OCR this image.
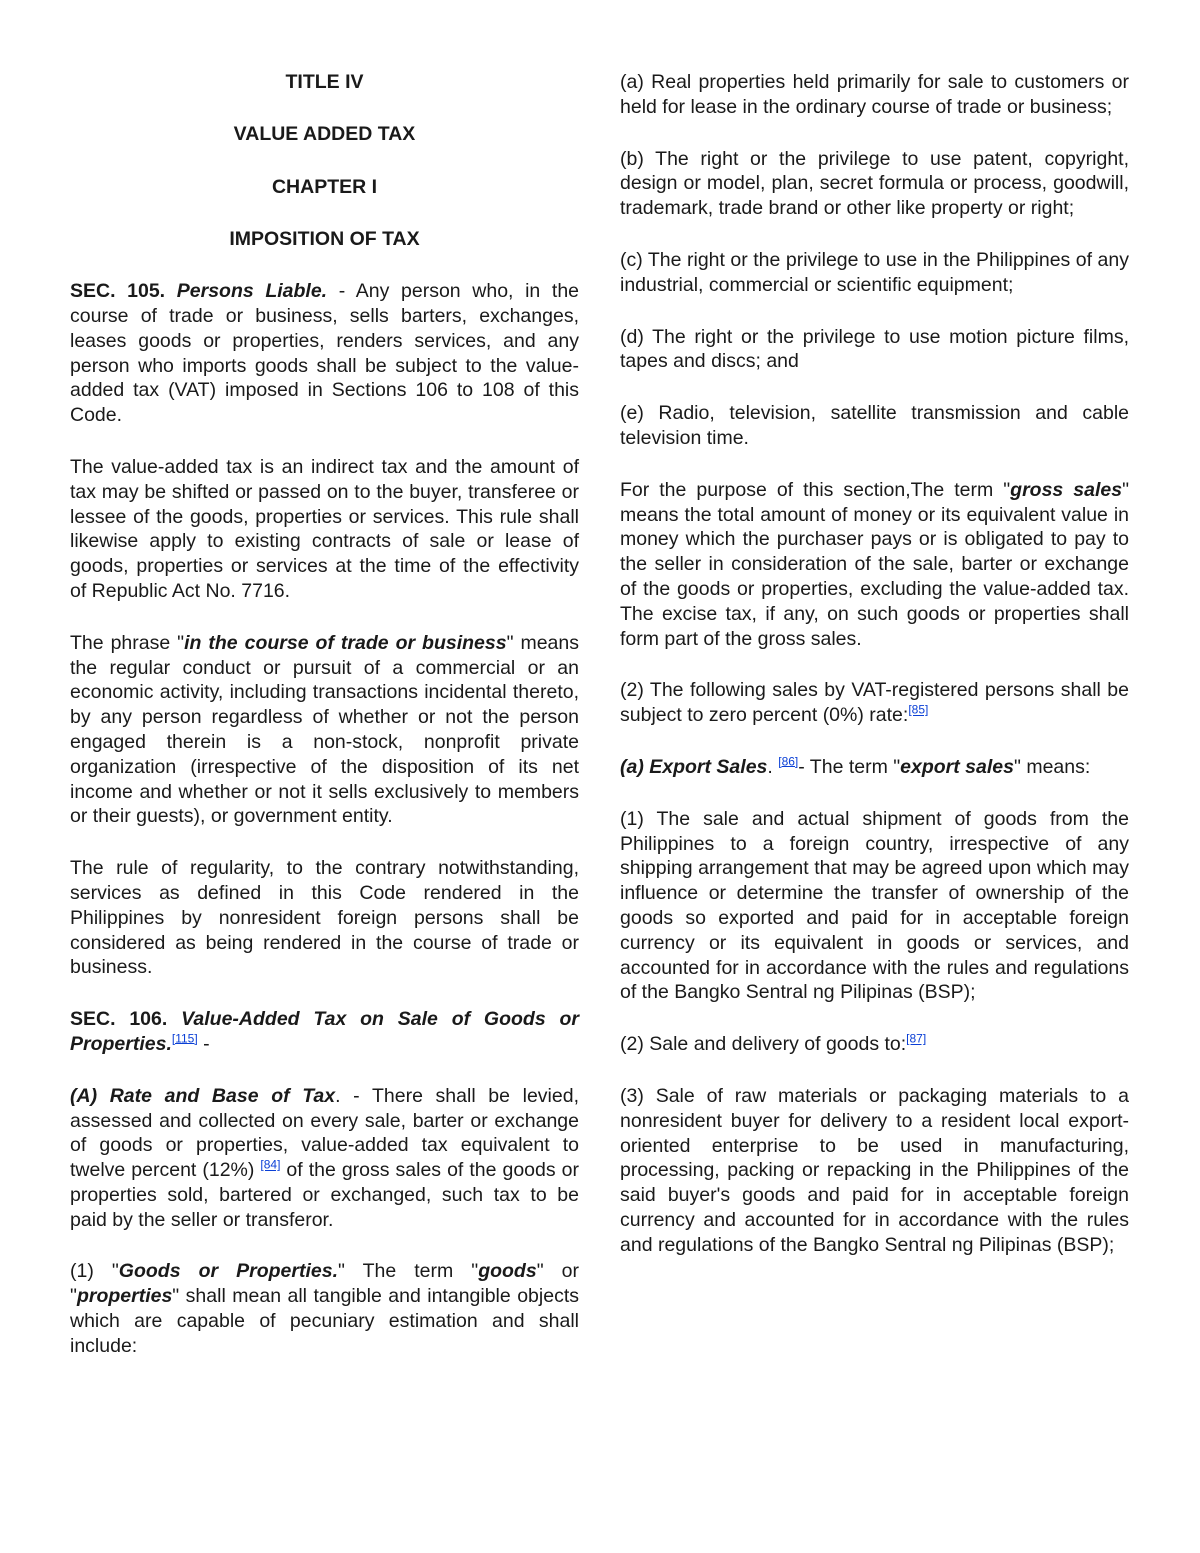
TITLE IV
VALUE ADDED TAX
CHAPTER I
IMPOSITION OF TAX

SEC. 105. Persons Liable. - Any person who, in the course of trade or business, sells barters, exchanges, leases goods or properties, renders services, and any person who imports goods shall be subject to the value-added tax (VAT) imposed in Sections 106 to 108 of this Code.

The value-added tax is an indirect tax and the amount of tax may be shifted or passed on to the buyer, transferee or lessee of the goods, properties or services. This rule shall likewise apply to existing contracts of sale or lease of goods, properties or services at the time of the effectivity of Republic Act No. 7716.

The phrase "in the course of trade or business" means the regular conduct or pursuit of a commercial or an economic activity, including transactions incidental thereto, by any person regardless of whether or not the person engaged therein is a non-stock, nonprofit private organization (irrespective of the disposition of its net income and whether or not it sells exclusively to members or their guests), or government entity.

The rule of regularity, to the contrary notwithstanding, services as defined in this Code rendered in the Philippines by nonresident foreign persons shall be considered as being rendered in the course of trade or business.

SEC. 106. Value-Added Tax on Sale of Goods or Properties.[115] -

(A) Rate and Base of Tax. - There shall be levied, assessed and collected on every sale, barter or exchange of goods or properties, value-added tax equivalent to twelve percent (12%) [84] of the gross sales of the goods or properties sold, bartered or exchanged, such tax to be paid by the seller or transferor.

(1) "Goods or Properties." The term "goods" or "properties" shall mean all tangible and intangible objects which are capable of pecuniary estimation and shall include:

(a) Real properties held primarily for sale to customers or held for lease in the ordinary course of trade or business;

(b) The right or the privilege to use patent, copyright, design or model, plan, secret formula or process, goodwill, trademark, trade brand or other like property or right;

(c) The right or the privilege to use in the Philippines of any industrial, commercial or scientific equipment;

(d) The right or the privilege to use motion picture films, tapes and discs; and

(e) Radio, television, satellite transmission and cable television time.

For the purpose of this section,The term "gross sales" means the total amount of money or its equivalent value in money which the purchaser pays or is obligated to pay to the seller in consideration of the sale, barter or exchange of the goods or properties, excluding the value-added tax. The excise tax, if any, on such goods or properties shall form part of the gross sales.

(2) The following sales by VAT-registered persons shall be subject to zero percent (0%) rate:[85]

(a) Export Sales. [86]- The term "export sales" means:

(1) The sale and actual shipment of goods from the Philippines to a foreign country, irrespective of any shipping arrangement that may be agreed upon which may influence or determine the transfer of ownership of the goods so exported and paid for in acceptable foreign currency or its equivalent in goods or services, and accounted for in accordance with the rules and regulations of the Bangko Sentral ng Pilipinas (BSP);

(2) Sale and delivery of goods to:[87]

(3) Sale of raw materials or packaging materials to a nonresident buyer for delivery to a resident local export-oriented enterprise to be used in manufacturing, processing, packing or repacking in the Philippines of the said buyer's goods and paid for in acceptable foreign currency and accounted for in accordance with the rules and regulations of the Bangko Sentral ng Pilipinas (BSP);
